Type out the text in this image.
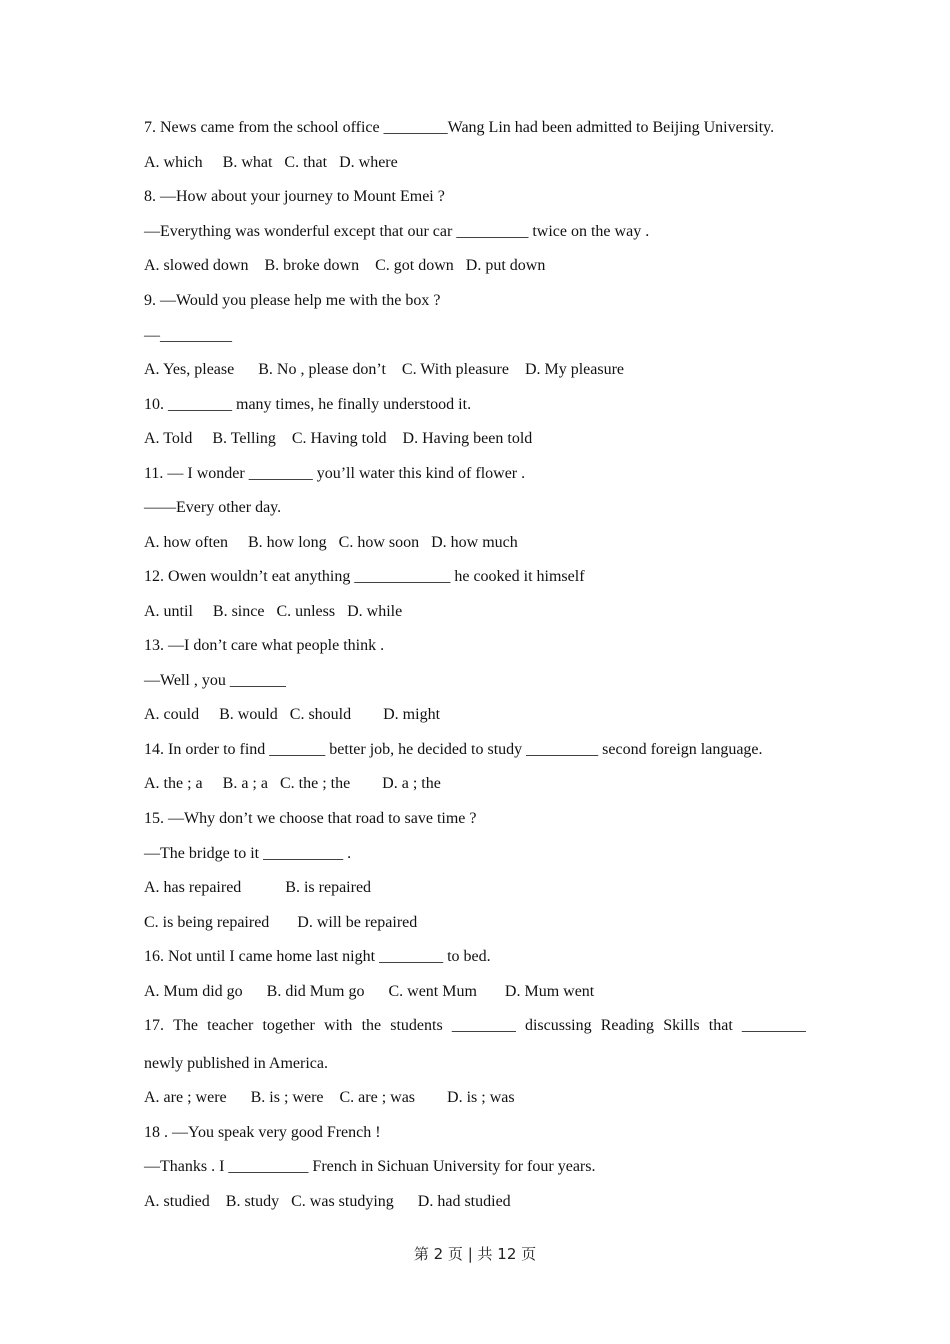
7. News came from the school office ________Wang Lin had been admitted to Beijing University.

A. which     B. what   C. that   D. where

8. —How about your journey to Mount Emei ?

—Everything was wonderful except that our car _________ twice on the way .

A. slowed down    B. broke down    C. got down   D. put down

9. —Would you please help me with the box ?

—_________

A. Yes, please      B. No , please don’t    C. With pleasure    D. My pleasure

10. ________ many times, he finally understood it.

A. Told     B. Telling    C. Having told    D. Having been told

11. — I wonder ________ you’ll water this kind of flower .

——Every other day.

A. how often     B. how long   C. how soon   D. how much

12. Owen wouldn’t eat anything ____________ he cooked it himself

A. until     B. since   C. unless   D. while

13. —I don’t care what people think .

—Well , you _______

A. could     B. would   C. should        D. might

14. In order to find _______ better job, he decided to study _________ second foreign language.

A. the ; a     B. a ; a   C. the ; the        D. a ; the

15. —Why don’t we choose that road to save time ?

—The bridge to it __________ .

A. has repaired           B. is repaired

C. is being repaired       D. will be repaired

16. Not until I came home last night ________ to bed.

A. Mum did go      B. did Mum go      C. went Mum       D. Mum went

17. The teacher together with the students ________ discussing Reading Skills that ________

newly published in America.

A. are ; were      B. is ; were    C. are ; was        D. is ; was

18 . —You speak very good French !

—Thanks . I __________ French in Sichuan University for four years.

A. studied    B. study   C. was studying      D. had studied

第 2 页 | 共 12 页
